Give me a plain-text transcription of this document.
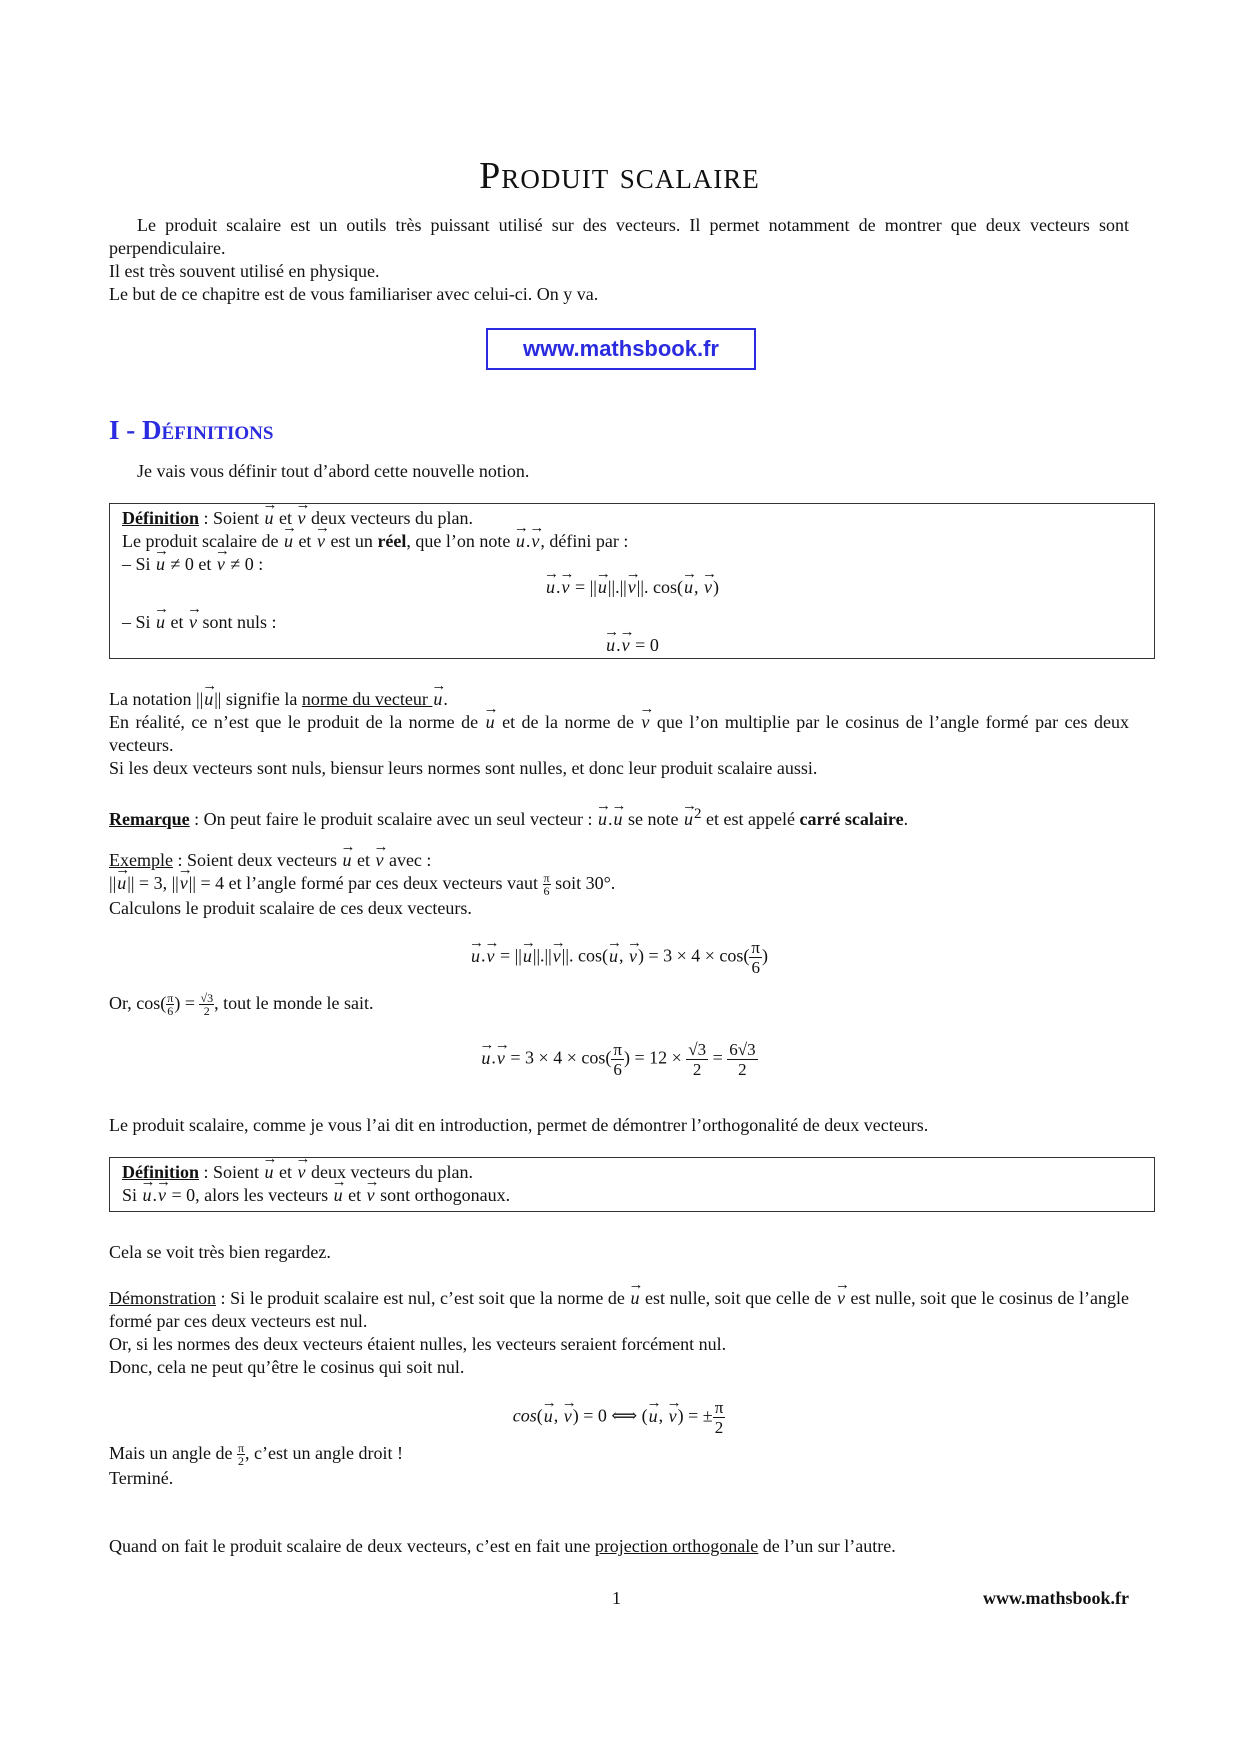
Produit scalaire
Le produit scalaire est un outils très puissant utilisé sur des vecteurs. Il permet notamment de montrer que deux vecteurs sont perpendiculaire.
Il est très souvent utilisé en physique.
Le but de ce chapitre est de vous familiariser avec celui-ci. On y va.
www.mathsbook.fr
I - Définitions
Je vais vous définir tout d’abord cette nouvelle notion.
Définition : Soient → u et → v deux vecteurs du plan.
Le produit scalaire de → u et → v est un réel, que l’on note → u.→ v, défini par :
– Si → u ≠ 0 et → v ≠ 0 :
→ u.→ v = ||→ u||.||→ v||. cos(→ u, → v)
– Si → u et → v sont nuls :
→ u.→ v = 0
La notation ||→ u|| signifie la norme du vecteur → u.
En réalité, ce n’est que le produit de la norme de → u et de la norme de → v que l’on multiplie par le cosinus de l’angle formé par ces deux vecteurs.
Si les deux vecteurs sont nuls, biensur leurs normes sont nulles, et donc leur produit scalaire aussi.
Remarque : On peut faire le produit scalaire avec un seul vecteur : → u.→ u se note → $u^2$ et est appelé carré scalaire.
Exemple : Soient deux vecteurs → u et → v avec :
||→ u|| = 3, ||→ v|| = 4 et l’angle formé par ces deux vecteurs vaut $\frac{\pi}{6}$ soit 30°.
Calculons le produit scalaire de ces deux vecteurs.
→ u.→ v = ||→ u||.||→ v||. cos(→ u, → $v) = 3 \times 4 \times \cos( \frac{\pi}{6}$ )
Or, $\cos( \frac{\pi}{6}$ ) = $\frac{√3}{2}$ , tout le monde le sait.
→ $u.\to v = 3 \times 4 \times \cos( \frac{\pi}{6}$ ) = $12 \times \frac{√3}{2} = \frac{6√3}{2}$
Le produit scalaire, comme je vous l’ai dit en introduction, permet de démontrer l’orthogonalité de deux vecteurs.
Définition : Soient → u et → v deux vecteurs du plan.
Si → u.→ v = 0, alors les vecteurs → u et → v sont orthogonaux.
Cela se voit très bien regardez.
Démonstration : Si le produit scalaire est nul, c’est soit que la norme de → u est nulle, soit que celle de → v est nulle, soit que le cosinus de l’angle formé par ces deux vecteurs est nul.
Or, si les normes des deux vecteurs étaient nulles, les vecteurs seraient forcément nul.
Donc, cela ne peut qu’être le cosinus qui soit nul.
cos(→ u, → v) = 0 ⟺ (→ u, → v) = ± $\frac{\pi}{2}$
Mais un angle de $\frac{\pi}{2}$ , c’est un angle droit !
Terminé.
Quand on fait le produit scalaire de deux vecteurs, c’est en fait une projection orthogonale de l’un sur l’autre.
1	www.mathsbook.fr
